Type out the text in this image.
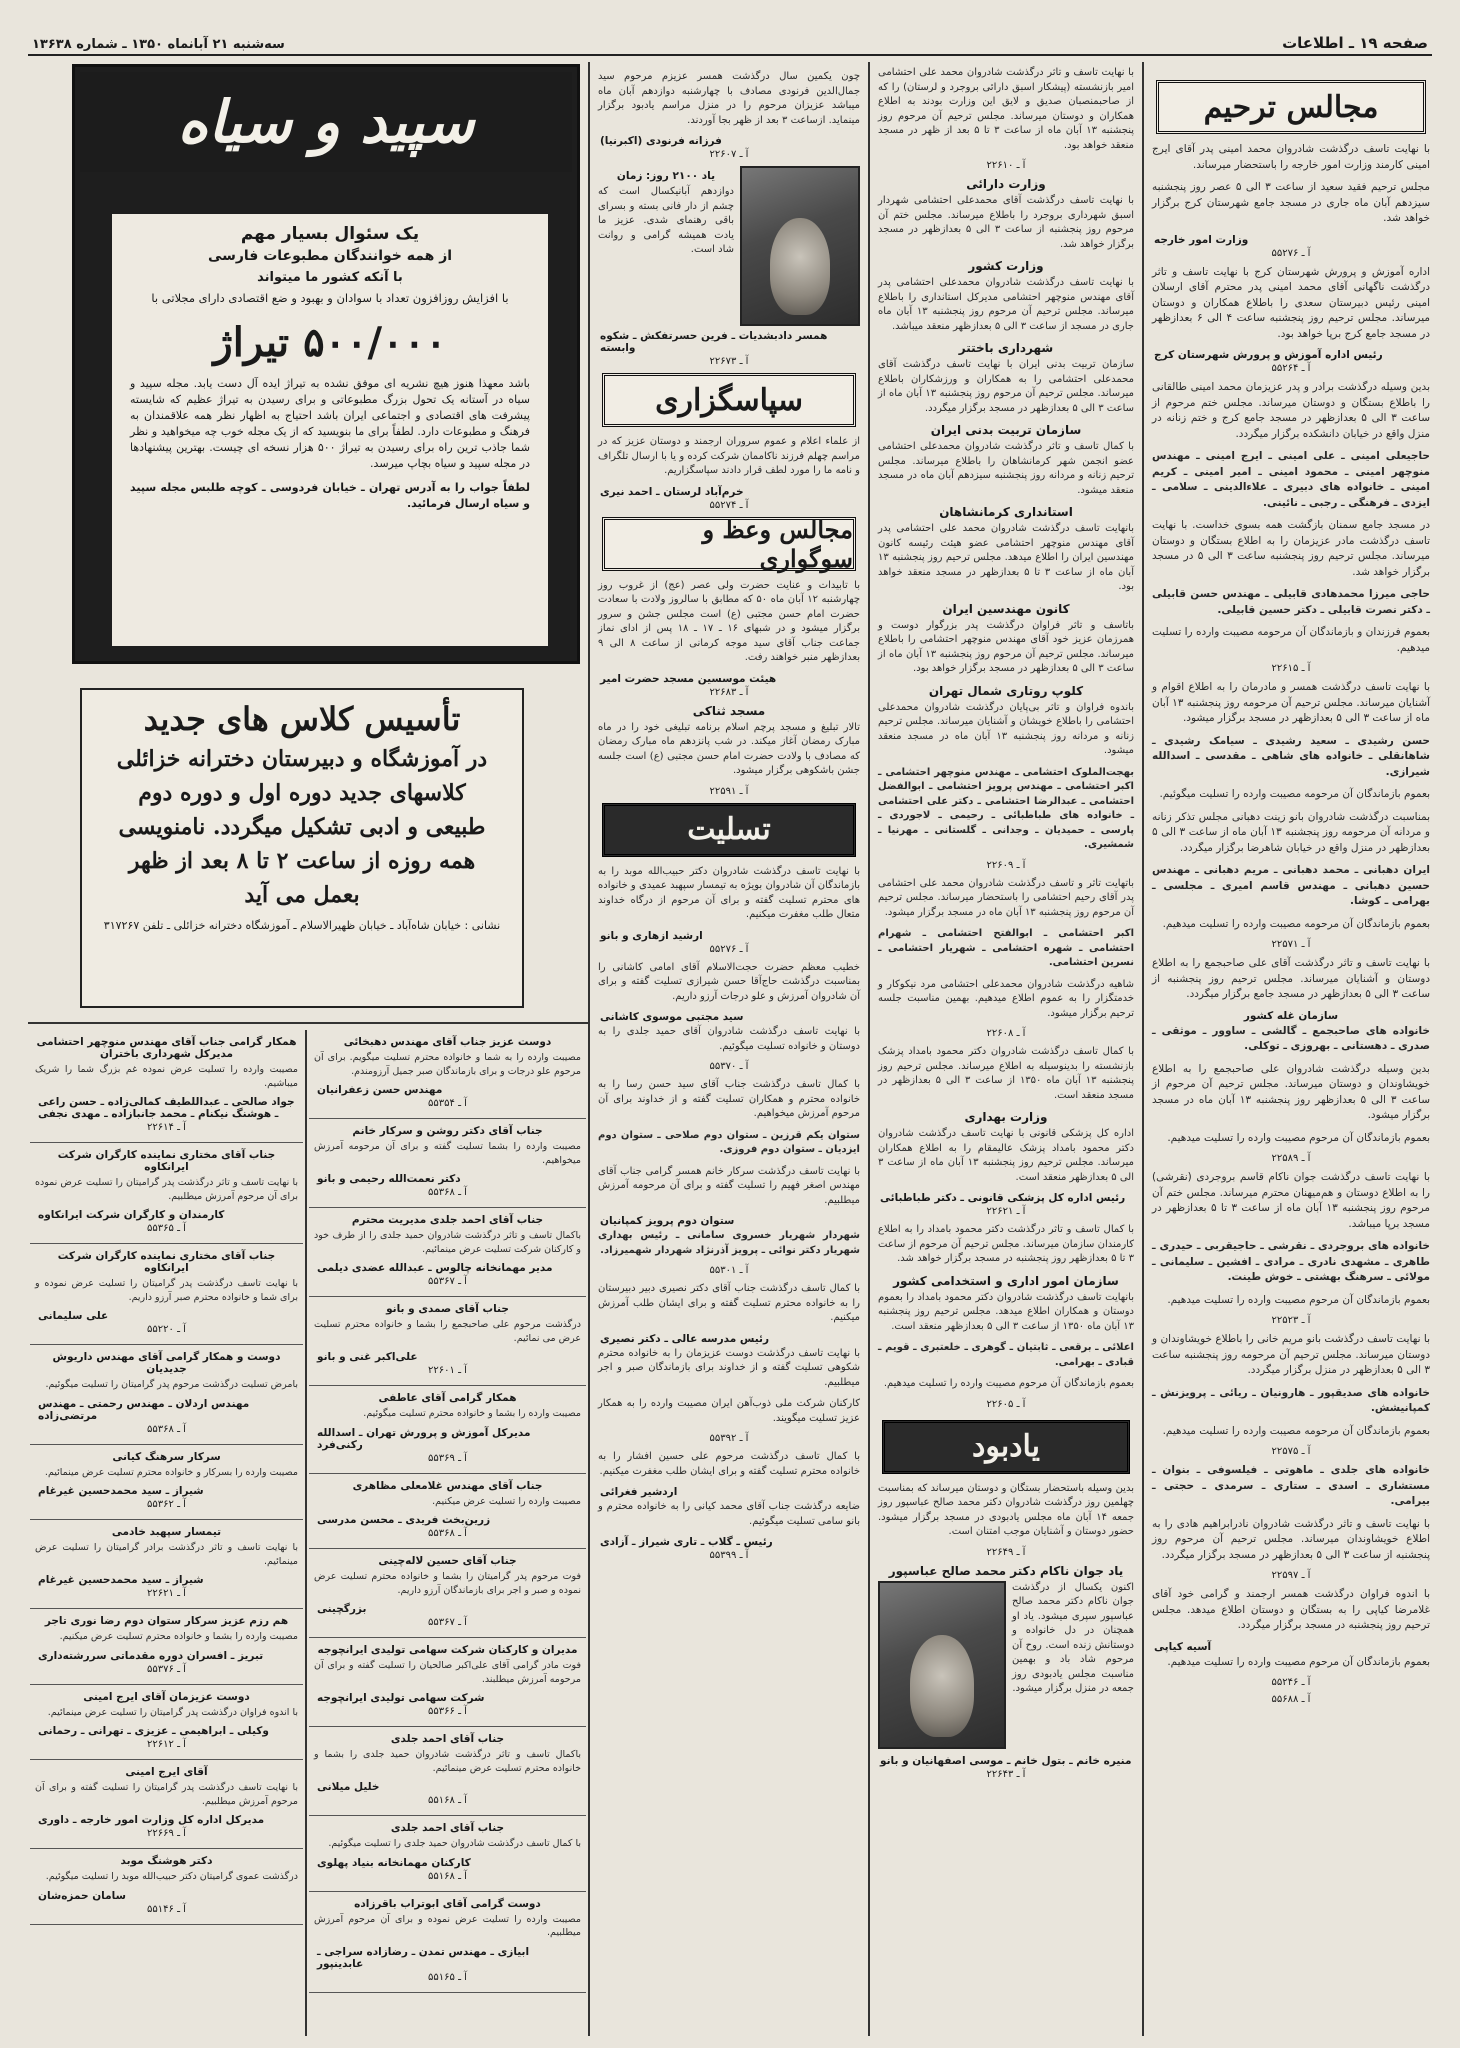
صفحه ۱۹ ـ اطلاعات
سه‌شنبه ۲۱ آبانماه ۱۳۵۰ ـ شماره ۱۳۶۳۸
مجالس ترحیم

با نهایت تاسف درگذشت شادروان محمد امینی پدر آقای ایرج امینی کارمند وزارت امور خارجه را باستحضار میرساند.

مجلس ترحیم فقید سعید از ساعت ۳ الی ۵ عصر روز پنجشنبه سیزدهم آبان ماه جاری در مسجد جامع شهرستان کرج برگزار خواهد شد.

وزارت امور خارجه

آ ـ ۵۵۲۷۶

اداره آموزش و پرورش شهرستان کرج با نهایت تاسف و تاثر درگذشت ناگهانی آقای محمد امینی پدر محترم آقای ارسلان امینی رئیس دبیرستان سعدی را باطلاع همکاران و دوستان میرساند. مجلس ترحیم روز پنجشنبه ساعت ۴ الی ۶ بعدازظهر در مسجد جامع کرج برپا خواهد بود.

رئیس اداره آموزش و پرورش شهرستان کرج

آ ـ ۵۵۲۶۴

بدین وسیله درگذشت برادر و پدر عزیزمان محمد امینی طالقانی را باطلاع بستگان و دوستان میرساند. مجلس ختم مرحوم از ساعت ۳ الی ۵ بعدازظهر در مسجد جامع کرج و ختم زنانه در منزل واقع در خیابان دانشکده برگزار میگردد.

حاجیعلی امینی ـ علی امینی ـ ایرج امینی ـ مهندس منوچهر امینی ـ محمود امینی ـ امیر امینی ـ کریم امینی ـ خانواده های دبیری ـ علاءالدینی ـ سلامی ـ ایزدی ـ فرهنگی ـ رجبی ـ نائینی.

در مسجد جامع سمنان بازگشت همه بسوی خداست. با نهایت تاسف درگذشت مادر عزیزمان را به اطلاع بستگان و دوستان میرساند. مجلس ترحیم روز پنجشنبه ساعت ۳ الی ۵ در مسجد برگزار خواهد شد.

حاجی میرزا محمدهادی قابیلی ـ مهندس حسن قابیلی ـ دکتر نصرت قابیلی ـ دکتر حسین قابیلی.

بعموم فرزندان و بازماندگان آن مرحومه مصیبت وارده را تسلیت میدهیم.

آ ـ ۲۲۶۱۵

با نهایت تاسف درگذشت همسر و مادرمان را به اطلاع اقوام و آشنایان میرساند. مجلس ترحیم آن مرحومه روز پنجشنبه ۱۳ آبان ماه از ساعت ۳ الی ۵ بعدازظهر در مسجد برگزار میشود.

حسن رشیدی ـ سعید رشیدی ـ سیامک رشیدی ـ شاهانقلی ـ خانواده های شاهی ـ مقدسی ـ اسدالله شیرازی.

بعموم بازماندگان آن مرحومه مصیبت وارده را تسلیت میگوئیم.

بمناسبت درگذشت شادروان بانو زینت دهبانی مجلس تذکر زنانه و مردانه آن مرحومه روز پنجشنبه ۱۳ آبان ماه از ساعت ۳ الی ۵ بعدازظهر در منزل واقع در خیابان شاهرضا برگزار میگردد.

ایران دهبانی ـ محمد دهبانی ـ مریم دهبانی ـ مهندس حسین دهبانی ـ مهندس قاسم امیری ـ مجلسی ـ بهرامی ـ کوشا.

بعموم بازماندگان آن مرحومه مصیبت وارده را تسلیت میدهیم.

آ ـ ۲۲۵۷۱

با نهایت تاسف و تاثر درگذشت آقای علی صاحبجمع را به اطلاع دوستان و آشنایان میرساند. مجلس ترحیم روز پنجشنبه از ساعت ۳ الی ۵ بعدازظهر در مسجد جامع برگزار میگردد.

سازمان غله کشور

خانواده های صاحبجمع ـ گالشی ـ ساوور ـ موثقی ـ صدری ـ دهستانی ـ بهروزی ـ توکلی.

بدین وسیله درگذشت شادروان علی صاحبجمع را به اطلاع خویشاوندان و دوستان میرساند. مجلس ترحیم آن مرحوم از ساعت ۳ الی ۵ بعدازظهر روز پنجشنبه ۱۳ آبان ماه در مسجد برگزار میشود.

بعموم بازماندگان آن مرحوم مصیبت وارده را تسلیت میدهیم.

آ ـ ۲۲۵۸۹

با نهایت تاسف درگذشت جوان ناکام قاسم بروجردی (نقرشی) را به اطلاع دوستان و هم‌میهنان محترم میرساند. مجلس ختم آن مرحوم روز پنجشنبه ۱۳ آبان ماه از ساعت ۳ تا ۵ بعدازظهر در مسجد برپا میباشد.

خانواده های بروجردی ـ نقرشی ـ حاجیقربی ـ حیدری ـ طاهری ـ مشهدی نادری ـ مرادی ـ افشین ـ سلیمانی ـ مولائی ـ سرهنگ بهشتی ـ خوش طینت.

بعموم بازماندگان آن مرحوم مصیبت وارده را تسلیت میدهیم.

آ ـ ۲۲۵۲۳

با نهایت تاسف درگذشت بانو مریم خانی را باطلاع خویشاوندان و دوستان میرساند. مجلس ترحیم آن مرحومه روز پنجشنبه ساعت ۳ الی ۵ بعدازظهر در منزل برگزار میگردد.

خانواده های صدیقپور ـ هارونیان ـ ریائی ـ پرویزنش ـ کمپانیشش.

بعموم بازماندگان آن مرحومه مصیبت وارده را تسلیت میدهیم.

آ ـ ۲۲۵۷۵

خانواده های جلدی ـ ماهوتی ـ فیلسوفی ـ بنوان ـ مستشاری ـ اسدی ـ ستاری ـ سرمدی ـ حجتی ـ بیرامی.

با نهایت تاسف و تاثر درگذشت شادروان نادرابراهیم هادی را به اطلاع خویشاوندان میرساند. مجلس ترحیم آن مرحوم روز پنجشنبه از ساعت ۳ الی ۵ بعدازظهر در مسجد برگزار میگردد.

آ ـ ۲۲۵۹۷

با اندوه فراوان درگذشت همسر ارجمند و گرامی خود آقای غلامرضا کیاپی را به بستگان و دوستان اطلاع میدهد. مجلس ترحیم روز پنجشنبه در مسجد برگزار میگردد.

آسیه کیاپی

بعموم بازماندگان آن مرحوم مصیبت وارده را تسلیت میدهیم.

آ ـ ۵۵۲۴۶

آ ـ ۵۵۶۸۸

با نهایت تاسف و تاثر درگذشت شادروان محمد علی احتشامی امیر بازنشسته (پیشکار اسبق دارائی بروجرد و لرستان) را که از صاحبمنصبان صدیق و لایق این وزارت بودند به اطلاع همکاران و دوستان میرساند. مجلس ترحیم آن مرحوم روز پنجشنبه ۱۳ آبان ماه از ساعت ۳ تا ۵ بعد از ظهر در مسجد منعقد خواهد بود.

آ ـ ۲۲۶۱۰

وزارت دارائی

با نهایت تاسف درگذشت آقای محمدعلی احتشامی شهردار اسبق شهرداری بروجرد را باطلاع میرساند. مجلس ختم آن مرحوم روز پنجشنبه از ساعت ۳ الی ۵ بعدازظهر در مسجد برگزار خواهد شد.

وزارت کشور

با نهایت تاسف درگذشت شادروان محمدعلی احتشامی پدر آقای مهندس منوچهر احتشامی مدیرکل استانداری را باطلاع میرساند. مجلس ترحیم آن مرحوم روز پنجشنبه ۱۳ آبان ماه جاری در مسجد از ساعت ۳ الی ۵ بعدازظهر منعقد میباشد.

شهرداری باختتر

سازمان تربیت بدنی ایران با نهایت تاسف درگذشت آقای محمدعلی احتشامی را به همکاران و ورزشکاران باطلاع میرساند. مجلس ترحیم آن مرحوم روز پنجشنبه ۱۳ آبان ماه از ساعت ۳ الی ۵ بعدازظهر در مسجد برگزار میگردد.

سازمان تربیت بدنی ایران

با کمال تاسف و تاثر درگذشت شادروان محمدعلی احتشامی عضو انجمن شهر کرمانشاهان را باطلاع میرساند. مجلس ترحیم زنانه و مردانه روز پنجشنبه سیزدهم آبان ماه در مسجد منعقد میشود.

استانداری کرمانشاهان

بانهایت تاسف درگذشت شادروان محمد علی احتشامی پدر آقای مهندس منوچهر احتشامی عضو هیئت رئیسه کانون مهندسین ایران را اطلاع میدهد. مجلس ترحیم روز پنجشنبه ۱۳ آبان ماه از ساعت ۳ تا ۵ بعدازظهر در مسجد منعقد خواهد بود.

کانون مهندسین ایران

باتاسف و تاثر فراوان درگذشت پدر بزرگوار دوست و همرزمان عزیز خود آقای مهندس منوچهر احتشامی را باطلاع میرساند. مجلس ترحیم آن مرحوم روز پنجشنبه ۱۳ آبان ماه از ساعت ۳ الی ۵ بعدازظهر در مسجد برگزار خواهد بود.

کلوپ روتاری شمال تهران

باندوه فراوان و تاثر بی‌پایان درگذشت شادروان محمدعلی احتشامی را باطلاع خویشان و آشنایان میرساند. مجلس ترحیم زنانه و مردانه روز پنجشنبه ۱۳ آبان ماه در مسجد منعقد میشود.

بهجت‌الملوک احتشامی ـ مهندس منوچهر احتشامی ـ اکبر احتشامی ـ مهندس پرویز احتشامی ـ ابوالفضل احتشامی ـ عبدالرضا احتشامی ـ دکتر علی احتشامی ـ خانواده های طباطبائی ـ رحیمی ـ لاجوردی ـ پارسی ـ حمیدیان ـ وجدانی ـ گلستانی ـ مهرنیا ـ شمشیری.

آ ـ ۲۲۶۰۹

باتهایت تاثر و تاسف درگذشت شادروان محمد علی احتشامی پدر آقای رحیم احتشامی را باستحضار میرساند. مجلس ترحیم آن مرحوم روز پنجشنبه ۱۳ آبان ماه در مسجد برگزار میشود.

اکبر احتشامی ـ ابوالفتح احتشامی ـ شهرام احتشامی ـ شهره احتشامی ـ شهریار احتشامی ـ نسرین احتشامی.

شاهیه درگذشت شادروان محمدعلی احتشامی مرد نیکوکار و خدمتگزار را به عموم اطلاع میدهیم. بهمین مناسبت جلسه ترحیم برگزار میشود.

آ ـ ۲۲۶۰۸

با کمال تاسف درگذشت شادروان دکتر محمود بامداد پزشک بازنشسته را بدینوسیله به اطلاع میرساند. مجلس ترحیم روز پنجشنبه ۱۳ آبان ماه ۱۳۵۰ از ساعت ۳ الی ۵ بعدازظهر در مسجد منعقد است.

وزارت بهداری

اداره کل پزشکی قانونی با نهایت تاسف درگذشت شادروان دکتر محمود بامداد پزشک عالیمقام را به اطلاع همکاران میرساند. مجلس ترحیم روز پنجشنبه ۱۳ آبان ماه از ساعت ۳ الی ۵ بعدازظهر منعقد است.

رئیس اداره کل پزشکی قانونی ـ دکتر طباطبائی

آ ـ ۲۲۶۲۱

با کمال تاسف و تاثر درگذشت دکتر محمود بامداد را به اطلاع کارمندان سازمان میرساند. مجلس ترحیم آن مرحوم از ساعت ۳ تا ۵ بعدازظهر روز پنجشنبه در مسجد برگزار خواهد شد.

سازمان امور اداری و استخدامی کشور

بانهایت تاسف درگذشت شادروان دکتر محمود بامداد را بعموم دوستان و همکاران اطلاع میدهد. مجلس ترحیم روز پنجشنبه ۱۳ آبان ماه ۱۳۵۰ از ساعت ۳ الی ۵ بعدازظهر منعقد است.

اعلائی ـ برقعی ـ ثابتیان ـ گوهری ـ خلعتبری ـ قویم ـ قبادی ـ بهرامی.

بعموم بازماندگان آن مرحوم مصیبت وارده را تسلیت میدهیم.

آ ـ ۲۲۶۰۵

یادبود

بدین وسیله باستحضار بستگان و دوستان میرساند که بمناسبت چهلمین روز درگذشت شادروان دکتر محمد صالح عباسپور روز جمعه ۱۴ آبان ماه مجلس یادبودی در مسجد برگزار میشود. حضور دوستان و آشنایان موجب امتنان است.

آ ـ ۲۲۶۴۹

یاد جوان ناکام دکتر محمد صالح عباسپور

اکنون یکسال از درگذشت جوان ناکام دکتر محمد صالح عباسپور سپری میشود. یاد او همچنان در دل خانواده و دوستانش زنده است. روح آن مرحوم شاد باد و بهمین مناسبت مجلس یادبودی روز جمعه در منزل برگزار میشود.

منیره خانم ـ بتول خانم ـ موسی اصفهانیان و بانو

آ ـ ۲۲۶۴۳

چون یکمین سال درگذشت همسر عزیزم مرحوم سید جمال‌الدین فرنودی مصادف با چهارشنبه دوازدهم آبان ماه میباشد عزیزان مرحوم را در منزل مراسم یادبود برگزار مینماید. ازساعت ۳ بعد از ظهر بجا آوردند.

فرزانه فرنودی (اکبرنیا)

آ ـ ۲۲۶۰۷

یاد ۲۱۰۰ روز: زمان

دوازدهم آبانیکسال است که چشم از دار فانی بسته و بسرای باقی رهنمای شدی. عزیز ما یادت همیشه گرامی و روانت شاد است.

همسر دادبشدیات ـ فرین حسرتفکش ـ شکوه وابسته

آ ـ ۲۲۶۷۳

سپاسگزاری

از علماء اعلام و عموم سروران ارجمند و دوستان عزیز که در مراسم چهلم فرزند ناکاممان شرکت کرده و یا با ارسال تلگراف و نامه ما را مورد لطف قرار دادند سپاسگزاریم.

خرم‌آباد لرستان ـ احمد نیری

آ ـ ۵۵۲۷۴

مجالس وعظ و سوگواری

با تابیدات و عنایت حضرت ولی عصر (عج) از غروب روز چهارشنبه ۱۲ آبان ماه ۵۰ که مطابق با سالروز ولادت با سعادت حضرت امام حسن مجتبی (ع) است مجلس جشن و سرور برگزار میشود و در شبهای ۱۶ ـ ۱۷ ـ ۱۸ پس از ادای نماز جماعت جناب آقای سید موجه کرمانی از ساعت ۸ الی ۹ بعدازظهر منبر خواهند رفت.

هیئت موسسین مسجد حضرت امیر

آ ـ ۲۲۶۸۳

مسجد ثناکی

تالار تبلیغ و مسجد پرچم اسلام برنامه تبلیغی خود را در ماه مبارک رمضان آغاز میکند. در شب پانزدهم ماه مبارک رمضان که مصادف با ولادت حضرت امام حسن مجتبی (ع) است جلسه جشن باشکوهی برگزار میشود.

آ ـ ۲۲۵۹۱

تسلیت

با نهایت تاسف درگذشت شادروان دکتر حبیب‌الله موبد را به بازماندگان آن شادروان بویژه به تیمسار سپهبد عمیدی و خانواده های محترم تسلیت گفته و برای آن مرحوم از درگاه خداوند متعال طلب مغفرت میکنیم.

ارشید ازهاری و بانو

آ ـ ۵۵۲۷۶

خطیب معظم حضرت حجت‌الاسلام آقای امامی کاشانی را بمناسبت درگذشت حاج‌آقا حسن شیرازی تسلیت گفته و برای آن شادروان آمرزش و علو درجات آرزو داریم.

سید مجتبی موسوی کاشانی

با نهایت تاسف درگذشت شادروان آقای حمید جلدی را به دوستان و خانواده تسلیت میگوئیم.

آ ـ ۵۵۳۷۰

با کمال تاسف درگذشت جناب آقای سید حسن رسا را به خانواده محترم و همکاران تسلیت گفته و از خداوند برای آن مرحوم آمرزش میخواهیم.

ستوان یکم قرزین ـ ستوان دوم صلاحی ـ ستوان دوم ایزدیان ـ ستوان دوم فروزی.

با نهایت تاسف درگذشت سرکار خانم همسر گرامی جناب آقای مهندس اصغر فهیم را تسلیت گفته و برای آن مرحومه آمرزش میطلبیم.

ستوان دوم پرویز کمپانیان

شهردار شهریار خسروی سامانی ـ رئیس بهداری شهریار دکتر نوائی ـ پرویز آذرنژاد شهردار شهمیرزاد.

آ ـ ۵۵۳۰۱

با کمال تاسف درگذشت جناب آقای دکتر نصیری دبیر دبیرستان را به خانواده محترم تسلیت گفته و برای ایشان طلب آمرزش میکنیم.

رئیس مدرسه عالی ـ دکتر نصیری

با نهایت تاسف درگذشت دوست عزیزمان را به خانواده محترم شکوهی تسلیت گفته و از خداوند برای بازماندگان صبر و اجر میطلبیم.

کارکنان شرکت ملی ذوب‌آهن ایران مصیبت وارده را به همکار عزیز تسلیت میگویند.

آ ـ ۵۵۳۹۲

با کمال تاسف درگذشت مرحوم علی حسین افشار را به خانواده محترم تسلیت گفته و برای ایشان طلب مغفرت میکنیم.

اردشیر فغرائی

ضایعه درگذشت جناب آقای محمد کیانی را به خانواده محترم و بانو سامی تسلیت میگوئیم.

رئیس ـ گلاب ـ تاری شیراز ـ آزادی

آ ـ ۵۵۳۹۹

سپید و سیاه

یک سئوال بسیار مهم

از همه خوانندگان مطبوعات فارسی

با آنکه کشور ما میتواند

با افزایش روزافزون تعداد با سوادان و بهبود و ضع اقتصادی دارای مجلاتی با

۵۰۰/۰۰۰ تیراژ

باشد معهذا هنوز هیچ نشریه ای موفق نشده به تیراژ ایده آل دست یابد. مجله سپید و سیاه در آستانه یک تحول بزرگ مطبوعاتی و برای رسیدن به تیراژ عظیم که شایسته پیشرفت های اقتصادی و اجتماعی ایران باشد احتیاج به اظهار نظر همه علاقمندان به فرهنگ و مطبوعات دارد. لطفاً برای ما بنویسید که از یک مجله خوب چه میخواهید و نظر شما جاذب ترین راه برای رسیدن به تیراژ ۵۰۰ هزار نسخه ای چیست. بهترین پیشنهادها در مجله سپید و سیاه بچاپ میرسد.

لطفاً جواب را به آدرس تهران ـ خیابان فردوسی ـ کوچه طلبس مجله سپید و سیاه ارسال فرمائید.

تأسیس کلاس های جدید

در آموزشگاه و دبیرستان دخترانه خزائلی

کلاسهای جدید دوره اول و دوره دوم

طبیعی و ادبی تشکیل میگردد. نامنویسی

همه روزه از ساعت ۲ تا ۸ بعد از ظهر

بعمل می آید

نشانی : خیابان شاه‌آباد ـ خیابان ظهیرالاسلام ـ آموزشگاه دخترانه خزائلی ـ تلفن ۳۱۷۲۶۷

دوست عزیز جناب آقای مهندس دهبخائی

مصیبت وارده را به شما و خانواده محترم تسلیت میگویم. برای آن مرحوم علو درجات و برای بازماندگان صبر جمیل آرزومندم.

مهندس حسن زعفرانیان

آ ـ ۵۵۳۵۴

جناب آقای دکتر روشن و سرکار خانم

مصیبت وارده را بشما تسلیت گفته و برای آن مرحومه آمرزش میخواهیم.

دکتر نعمت‌الله رحیمی و بانو

آ ـ ۵۵۳۶۸

جناب آقای احمد جلدی مدیریت محترم

باکمال تاسف و تاثر درگذشت شادروان حمید جلدی را از طرف خود و کارکنان شرکت تسلیت عرض مینمائیم.

مدیر مهمانخانه چالوس ـ عبدالله عضدی دیلمی

آ ـ ۵۵۳۶۷

جناب آقای صمدی و بانو

درگذشت مرحوم علی صاحبجمع را بشما و خانواده محترم تسلیت عرض می نمائیم.

علی‌اکبر غنی و بانو

آ ـ ۲۲۶۰۱

همکار گرامی آقای عاطفی

مصیبت وارده را بشما و خانواده محترم تسلیت میگوئیم.

مدیرکل آموزش و پرورش تهران ـ اسدالله رکنی‌فرد

آ ـ ۵۵۳۶۹

جناب آقای مهندس غلامعلی مظاهری

مصیبت وارده را تسلیت عرض میکنیم.

زرین‌بخت فریدی ـ محسن مدرسی

آ ـ ۵۵۳۶۸

جناب آقای حسین لاله‌چینی

فوت مرحوم پدر گرامیتان را بشما و خانواده محترم تسلیت عرض نموده و صبر و اجر برای بازماندگان آرزو داریم.

بزرگچینی

آ ـ ۵۵۳۶۷

مدیران و کارکنان شرکت سهامی تولیدی ایرانچوجه

فوت مادر گرامی آقای علی‌اکبر صالحیان را تسلیت گفته و برای آن مرحومه آمرزش میطلبند.

شرکت سهامی تولیدی ایرانچوجه

آ ـ ۵۵۳۶۶

جناب آقای احمد جلدی

باکمال تاسف و تاثر درگذشت شادروان حمید جلدی را بشما و خانواده محترم تسلیت عرض مینمائیم.

خلیل میلانی

آ ـ ۵۵۱۶۸

جناب آقای احمد جلدی

با کمال تاسف درگذشت شادروان حمید جلدی را تسلیت میگوئیم.

کارکنان مهمانخانه بنیاد پهلوی

آ ـ ۵۵۱۶۸

دوست گرامی آقای ابوتراب باقرزاده

مصیبت وارده را تسلیت عرض نموده و برای آن مرحوم آمرزش میطلبیم.

ابیازی ـ مهندس تمدن ـ رضازاده سراجی ـ عابدینپور

آ ـ ۵۵۱۶۵

همکار گرامی جناب آقای مهندس منوچهر احتشامی مدیرکل شهرداری باختران

مصیبت وارده را تسلیت عرض نموده غم بزرگ شما را شریک میباشیم.

جواد صالحی ـ عبداللطیف کمالی‌زاده ـ حسن راعی ـ هوشنگ نیکنام ـ محمد جانبازاده ـ مهدی نجفی

آ ـ ۲۲۶۱۴

جناب آقای مختاری نماینده کارگران شرکت ایرانکاوه

با نهایت تاسف و تاثر درگذشت پدر گرامیتان را تسلیت عرض نموده برای آن مرحوم آمرزش میطلبیم.

کارمندان و کارگران شرکت ایرانکاوه

آ ـ ۵۵۳۶۵

جناب آقای مختاری نماینده کارگران شرکت ایرانکاوه

با نهایت تاسف درگذشت پدر گرامیتان را تسلیت عرض نموده و برای شما و خانواده محترم صبر آرزو داریم.

علی سلیمانی

آ ـ ۵۵۲۲۰

دوست و همکار گرامی آقای مهندس داریوش جدیدیان

بامرض تسلیت درگذشت مرحوم پدر گرامیتان را تسلیت میگوئیم.

مهندس اردلان ـ مهندس رحمتی ـ مهندس مرتضی‌زاده

آ ـ ۵۵۳۶۸

سرکار سرهنگ کیانی

مصیبت وارده را بسرکار و خانواده محترم تسلیت عرض مینمائیم.

شیراز ـ سید محمدحسین غیرغام

آ ـ ۵۵۳۶۲

تیمسار سپهبد خادمی

با نهایت تاسف و تاثر درگذشت برادر گرامیتان را تسلیت عرض مینمائیم.

شیراز ـ سید محمدحسین غیرغام

آ ـ ۲۲۶۲۱

هم رزم عزیز سرکار ستوان دوم رضا نوری تاجر

مصیبت وارده را بشما و خانواده محترم تسلیت عرض میکنیم.

تبریز ـ افسران دوره مقدماتی سررشته‌داری

آ ـ ۵۵۳۷۶

دوست عزیزمان آقای ایرج امینی

با اندوه فراوان درگذشت پدر گرامیتان را تسلیت عرض مینمائیم.

وکیلی ـ ابراهیمی ـ عزیزی ـ تهرانی ـ رحمانی

آ ـ ۲۲۶۱۲

آقای ایرج امینی

با نهایت تاسف درگذشت پدر گرامیتان را تسلیت گفته و برای آن مرحوم آمرزش میطلبیم.

مدیرکل اداره کل وزارت امور خارجه ـ داوری

آ ـ ۲۲۶۶۹

دکتر هوشنگ موبد

درگذشت عموی گرامیتان دکتر حبیب‌الله موبد را تسلیت میگوئیم.

سامان حمزه‌شان

آ ـ ۵۵۱۴۶
